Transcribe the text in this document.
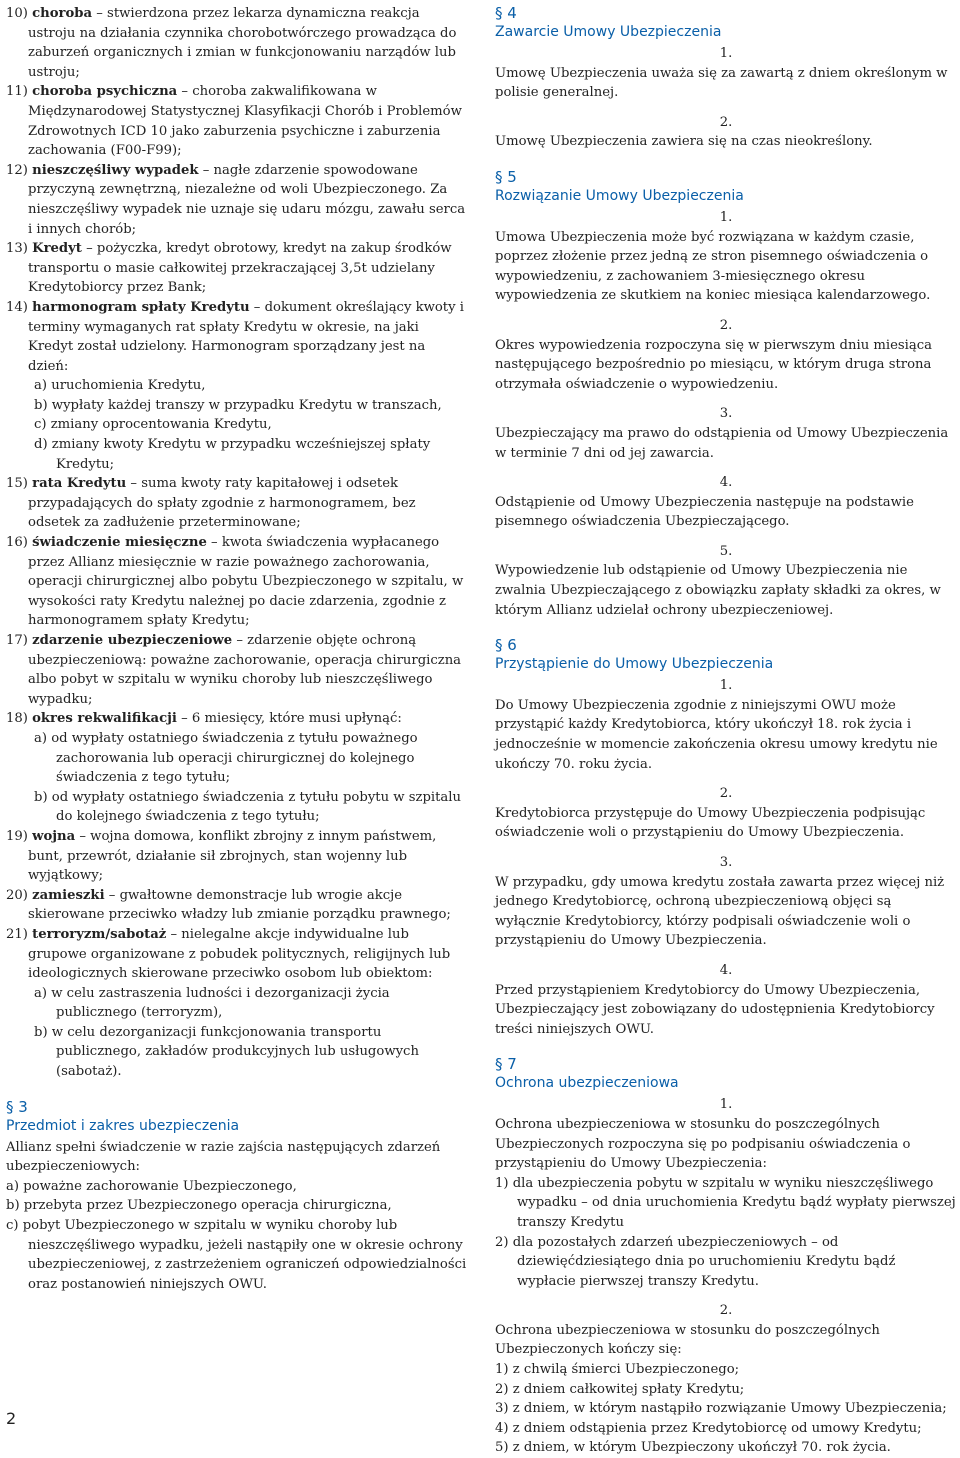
10) choroba – stwierdzona przez lekarza dynamiczna reakcja ustroju na działania czynnika chorobotwórczego prowadząca do zaburzeń organicznych i zmian w funkcjonowaniu narządów lub ustroju;

11) choroba psychiczna – choroba zakwalifikowana w Międzynarodowej Statystycznej Klasyfikacji Chorób i Problemów Zdrowotnych ICD 10 jako zaburzenia psychiczne i zaburzenia zachowania (F00-F99);

12) nieszczęśliwy wypadek – nagłe zdarzenie spowodowane przyczyną zewnętrzną, niezależne od woli Ubezpieczonego. Za nieszczęśliwy wypadek nie uznaje się udaru mózgu, zawału serca i innych chorób;

13) Kredyt – pożyczka, kredyt obrotowy, kredyt na zakup środków transportu o masie całkowitej przekraczającej 3,5t udzielany Kredytobiorcy przez Bank;

14) harmonogram spłaty Kredytu – dokument określający kwoty i terminy wymaganych rat spłaty Kredytu w okresie, na jaki Kredyt został udzielony. Harmonogram sporządzany jest na dzień:

a) uruchomienia Kredytu,

b) wypłaty każdej transzy w przypadku Kredytu w transzach,

c) zmiany oprocentowania Kredytu,

d) zmiany kwoty Kredytu w przypadku wcześniejszej spłaty Kredytu;

15) rata Kredytu – suma kwoty raty kapitałowej i odsetek przypadających do spłaty zgodnie z harmonogramem, bez odsetek za zadłużenie przeterminowane;

16) świadczenie miesięczne – kwota świadczenia wypłacanego przez Allianz miesięcznie w razie poważnego zachorowania, operacji chirurgicznej albo pobytu Ubezpieczonego w szpitalu, w wysokości raty Kredytu należnej po dacie zdarzenia, zgodnie z harmonogramem spłaty Kredytu;

17) zdarzenie ubezpieczeniowe – zdarzenie objęte ochroną ubezpieczeniową: poważne zachorowanie, operacja chirurgiczna albo pobyt w szpitalu w wyniku choroby lub nieszczęśliwego wypadku;

18) okres rekwalifikacji – 6 miesięcy, które musi upłynąć:

a) od wypłaty ostatniego świadczenia z tytułu poważnego zachorowania lub operacji chirurgicznej do kolejnego świadczenia z tego tytułu;

b) od wypłaty ostatniego świadczenia z tytułu pobytu w szpitalu do kolejnego świadczenia z tego tytułu;

19) wojna – wojna domowa, konflikt zbrojny z innym państwem, bunt, przewrót, działanie sił zbrojnych, stan wojenny lub wyjątkowy;

20) zamieszki – gwałtowne demonstracje lub wrogie akcje skierowane przeciwko władzy lub zmianie porządku prawnego;

21) terroryzm/sabotaż – nielegalne akcje indywidualne lub grupowe organizowane z pobudek politycznych, religijnych lub ideologicznych skierowane przeciwko osobom lub obiektom:

a) w celu zastraszenia ludności i dezorganizacji życia publicznego (terroryzm),

b) w celu dezorganizacji funkcjonowania transportu publicznego, zakładów produkcyjnych lub usługowych (sabotaż).

§ 3
Przedmiot i zakres ubezpieczenia

Allianz spełni świadczenie w razie zajścia następujących zdarzeń ubezpieczeniowych:

a) poważne zachorowanie Ubezpieczonego,

b) przebyta przez Ubezpieczonego operacja chirurgiczna,

c) pobyt Ubezpieczonego w szpitalu w wyniku choroby lub nieszczęśliwego wypadku, jeżeli nastąpiły one w okresie ochrony ubezpieczeniowej, z zastrzeżeniem ograniczeń odpowiedzialności oraz postanowień niniejszych OWU.

§ 4
Zawarcie Umowy Ubezpieczenia
1.

Umowę Ubezpieczenia uważa się za zawartą z dniem określonym w polisie generalnej.

2.

Umowę Ubezpieczenia zawiera się na czas nieokreślony.

§ 5
Rozwiązanie Umowy Ubezpieczenia
1.

Umowa Ubezpieczenia może być rozwiązana w każdym czasie, poprzez złożenie przez jedną ze stron pisemnego oświadczenia o wypowiedzeniu, z zachowaniem 3-miesięcznego okresu wypowiedzenia ze skutkiem na koniec miesiąca kalendarzowego.

2.

Okres wypowiedzenia rozpoczyna się w pierwszym dniu miesiąca następującego bezpośrednio po miesiącu, w którym druga strona otrzymała oświadczenie o wypowiedzeniu.

3.

Ubezpieczający ma prawo do odstąpienia od Umowy Ubezpieczenia w terminie 7 dni od jej zawarcia.

4.

Odstąpienie od Umowy Ubezpieczenia następuje na podstawie pisemnego oświadczenia Ubezpieczającego.

5.

Wypowiedzenie lub odstąpienie od Umowy Ubezpieczenia nie zwalnia Ubezpieczającego z obowiązku zapłaty składki za okres, w którym Allianz udzielał ochrony ubezpieczeniowej.

§ 6
Przystąpienie do Umowy Ubezpieczenia
1.

Do Umowy Ubezpieczenia zgodnie z niniejszymi OWU może przystąpić każdy Kredytobiorca, który ukończył 18. rok życia i jednocześnie w momencie zakończenia okresu umowy kredytu nie ukończy 70. roku życia.

2.

Kredytobiorca przystępuje do Umowy Ubezpieczenia podpisując oświadczenie woli o przystąpieniu do Umowy Ubezpieczenia.

3.

W przypadku, gdy umowa kredytu została zawarta przez więcej niż jednego Kredytobiorcę, ochroną ubezpieczeniową objęci są wyłącznie Kredytobiorcy, którzy podpisali oświadczenie woli o przystąpieniu do Umowy Ubezpieczenia.

4.

Przed przystąpieniem Kredytobiorcy do Umowy Ubezpieczenia, Ubezpieczający jest zobowiązany do udostępnienia Kredytobiorcy treści niniejszych OWU.

§ 7
Ochrona ubezpieczeniowa
1.

Ochrona ubezpieczeniowa w stosunku do poszczególnych Ubezpieczonych rozpoczyna się po podpisaniu oświadczenia o przystąpieniu do Umowy Ubezpieczenia:

1) dla ubezpieczenia pobytu w szpitalu w wyniku nieszczęśliwego wypadku – od dnia uruchomienia Kredytu bądź wypłaty pierwszej transzy Kredytu

2) dla pozostałych zdarzeń ubezpieczeniowych – od dziewięćdziesiątego dnia po uruchomieniu Kredytu bądź wypłacie pierwszej transzy Kredytu.

2.

Ochrona ubezpieczeniowa w stosunku do poszczególnych Ubezpieczonych kończy się:

1) z chwilą śmierci Ubezpieczonego;

2) z dniem całkowitej spłaty Kredytu;

3) z dniem, w którym nastąpiło rozwiązanie Umowy Ubezpieczenia;

4) z dniem odstąpienia przez Kredytobiorcę od umowy Kredytu;

5) z dniem, w którym Ubezpieczony ukończył 70. rok życia.

2
